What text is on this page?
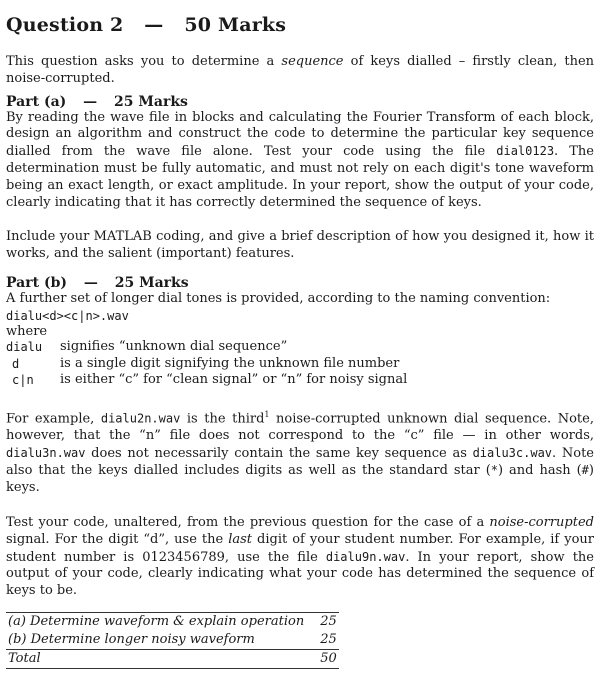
Question 2 — 50 Marks

This question asks you to determine a sequence of keys dialled – firstly clean, then noise-corrupted.

Part (a) — 25 Marks

By reading the wave file in blocks and calculating the Fourier Transform of each block, design an algorithm and construct the code to determine the particular key sequence dialled from the wave file alone. Test your code using the file dial0123. The determination must be fully automatic, and must not rely on each digit's tone waveform being an exact length, or exact amplitude. In your report, show the output of your code, clearly indicating that it has correctly determined the sequence of keys.

Include your MATLAB coding, and give a brief description of how you designed it, how it works, and the salient (important) features.

Part (b) — 25 Marks

A further set of longer dial tones is provided, according to the naming convention:

dialu<d><c|n>.wav
where
dialu	signifies “unknown dial sequence”
d	is a single digit signifying the unknown file number
c|n	is either “c” for “clean signal” or “n” for noisy signal

For example, dialu2n.wav is the third$^1$ noise-corrupted unknown dial sequence. Note, however, that the “n” file does not correspond to the “c” file — in other words, dialu3n.wav does not necessarily contain the same key sequence as dialu3c.wav. Note also that the keys dialled includes digits as well as the standard star (*) and hash (#) keys.

Test your code, unaltered, from the previous question for the case of a noise-corrupted signal. For the digit “d”, use the last digit of your student number. For example, if your student number is 0123456789, use the file dialu9n.wav. In your report, show the output of your code, clearly indicating what your code has determined the sequence of keys to be.

(a) Determine waveform & explain operation	25
(b) Determine longer noisy waveform	25
Total	50
